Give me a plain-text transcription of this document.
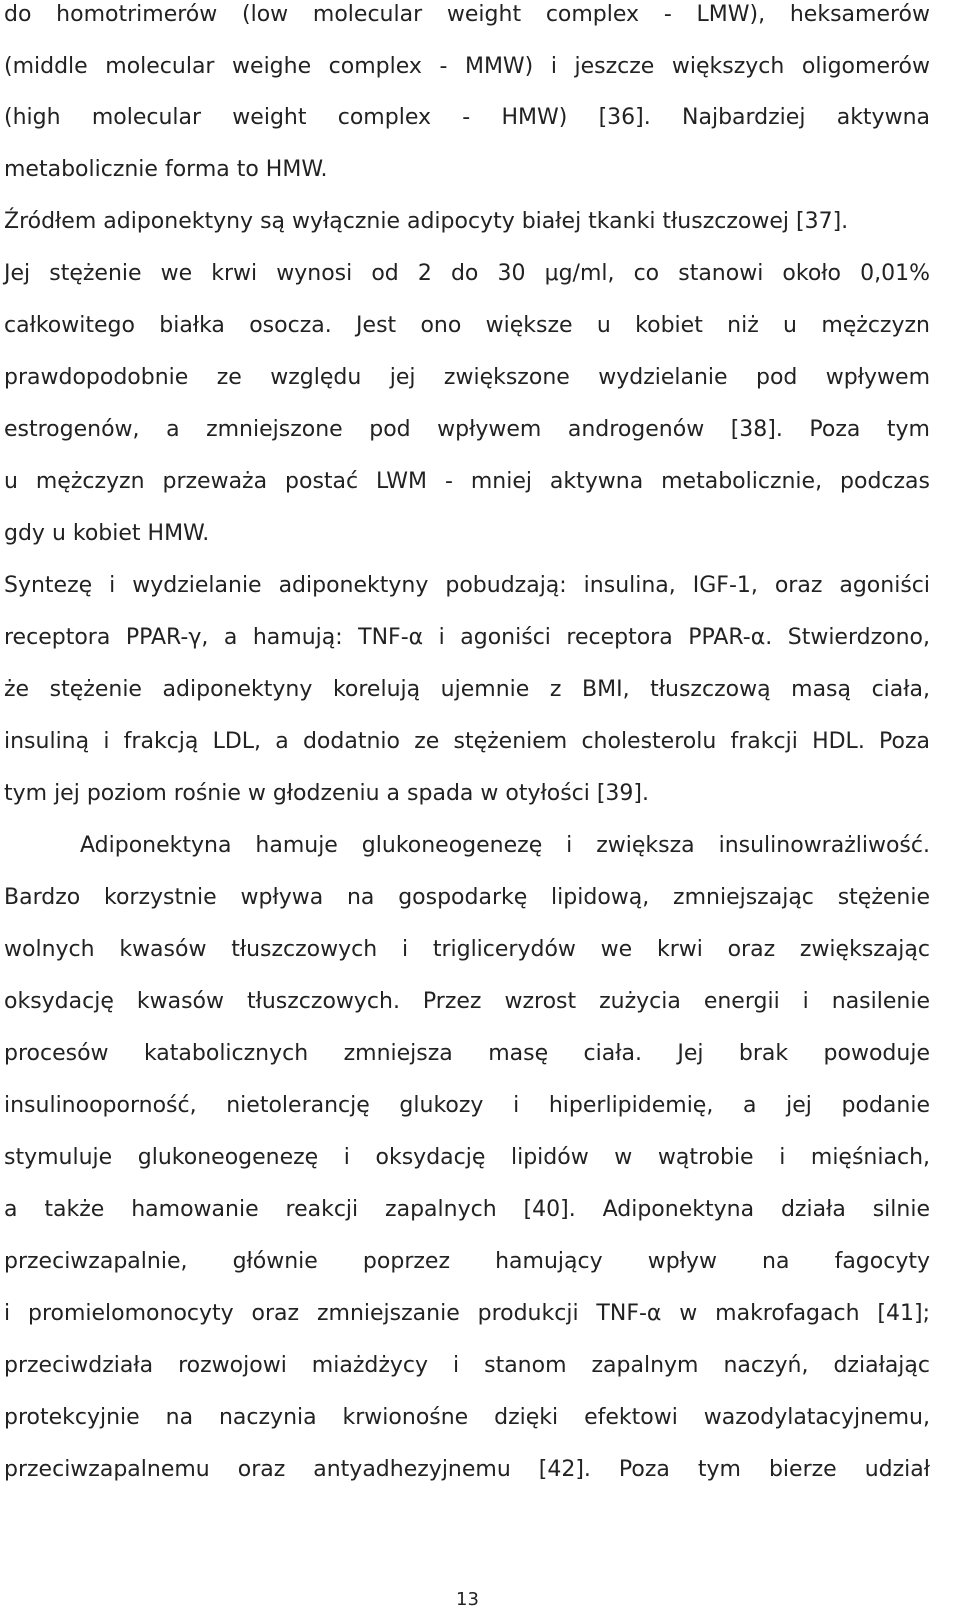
do homotrimerów (low molecular weight complex - LMW), heksamerów
(middle molecular weighe complex - MMW) i jeszcze większych oligomerów
(high molecular weight complex - HMW) [36]. Najbardziej aktywna
metabolicznie forma to HMW.
Źródłem adiponektyny są wyłącznie adipocyty białej tkanki tłuszczowej [37].
Jej stężenie we krwi wynosi od 2 do 30 μg/ml, co stanowi około 0,01%
całkowitego białka osocza. Jest ono większe u kobiet niż u mężczyzn
prawdopodobnie ze względu jej zwiększone wydzielanie pod wpływem
estrogenów, a zmniejszone pod wpływem androgenów [38]. Poza tym
u mężczyzn przeważa postać LWM - mniej aktywna metabolicznie, podczas
gdy u kobiet HMW.
Syntezę i wydzielanie adiponektyny pobudzają: insulina, IGF-1, oraz agoniści
receptora PPAR-γ, a hamują: TNF-α i agoniści receptora PPAR-α. Stwierdzono,
że stężenie adiponektyny korelują ujemnie z BMI, tłuszczową masą ciała,
insuliną i frakcją LDL, a dodatnio ze stężeniem cholesterolu frakcji HDL. Poza
tym jej poziom rośnie w głodzeniu a spada w otyłości [39].
Adiponektyna hamuje glukoneogenezę i zwiększa insulinowrażliwość.
Bardzo korzystnie wpływa na gospodarkę lipidową, zmniejszając stężenie
wolnych kwasów tłuszczowych i triglicerydów we krwi oraz zwiększając
oksydację kwasów tłuszczowych. Przez wzrost zużycia energii i nasilenie
procesów katabolicznych zmniejsza masę ciała. Jej brak powoduje
insulinooporność, nietolerancję glukozy i hiperlipidemię, a jej podanie
stymuluje glukoneogenezę i oksydację lipidów w wątrobie i mięśniach,
a także hamowanie reakcji zapalnych [40]. Adiponektyna działa silnie
przeciwzapalnie, głównie poprzez hamujący wpływ na fagocyty
i promielomonocyty oraz zmniejszanie produkcji TNF-α w makrofagach [41];
przeciwdziała rozwojowi miażdżycy i stanom zapalnym naczyń, działając
protekcyjnie na naczynia krwionośne dzięki efektowi wazodylatacyjnemu,
przeciwzapalnemu oraz antyadhezyjnemu [42]. Poza tym bierze udział
13
